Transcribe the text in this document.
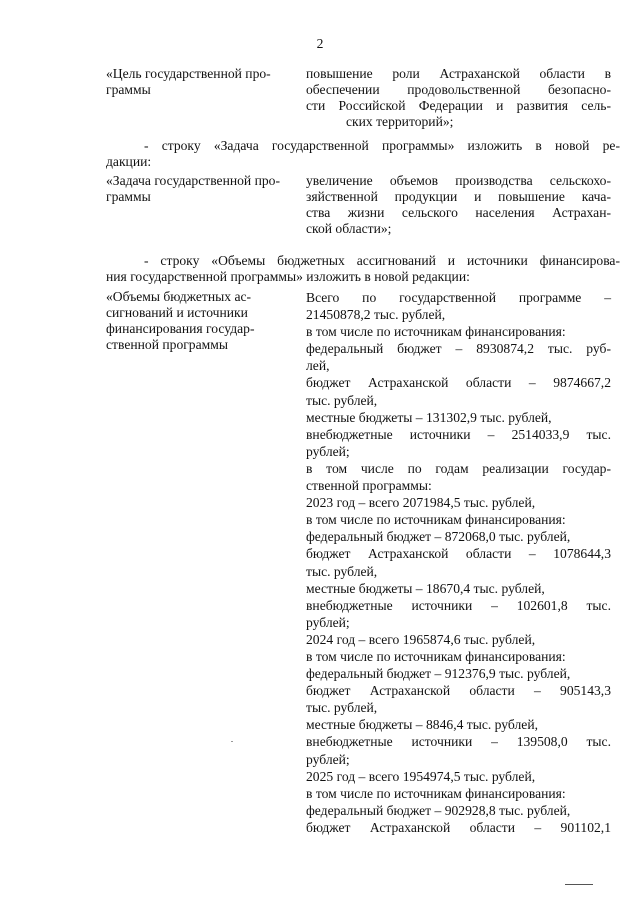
2
«Цель государственной про-
граммы
повышение роли Астраханской области в
обеспечении продовольственной безопасно-
сти Российской Федерации и развития сель-
ских территорий»;
- строку «Задача государственной программы» изложить в новой ре-
дакции:
«Задача государственной про-
граммы
увеличение объемов производства сельскохо-
зяйственной продукции и повышение кача-
ства жизни сельского населения Астрахан-
ской области»;
- строку «Объемы бюджетных ассигнований и источники финансирова-
ния государственной программы» изложить в новой редакции:
«Объемы бюджетных ас-
сигнований и источники
финансирования государ-
ственной программы
Всего по государственной программе –
21450878,2 тыс. рублей,
в том числе по источникам финансирования:
федеральный бюджет – 8930874,2 тыс. руб-
лей,
бюджет Астраханской области – 9874667,2
тыс. рублей,
местные бюджеты – 131302,9 тыс. рублей,
внебюджетные источники – 2514033,9 тыс.
рублей;
в том числе по годам реализации государ-
ственной программы:
2023 год – всего 2071984,5 тыс. рублей,
в том числе по источникам финансирования:
федеральный бюджет – 872068,0 тыс. рублей,
бюджет Астраханской области – 1078644,3
тыс. рублей,
местные бюджеты – 18670,4 тыс. рублей,
внебюджетные источники – 102601,8 тыс.
рублей;
2024 год – всего 1965874,6 тыс. рублей,
в том числе по источникам финансирования:
федеральный бюджет – 912376,9 тыс. рублей,
бюджет Астраханской области – 905143,3
тыс. рублей,
местные бюджеты – 8846,4 тыс. рублей,
внебюджетные источники – 139508,0 тыс.
рублей;
2025 год – всего 1954974,5 тыс. рублей,
в том числе по источникам финансирования:
федеральный бюджет – 902928,8 тыс. рублей,
бюджет Астраханской области – 901102,1
